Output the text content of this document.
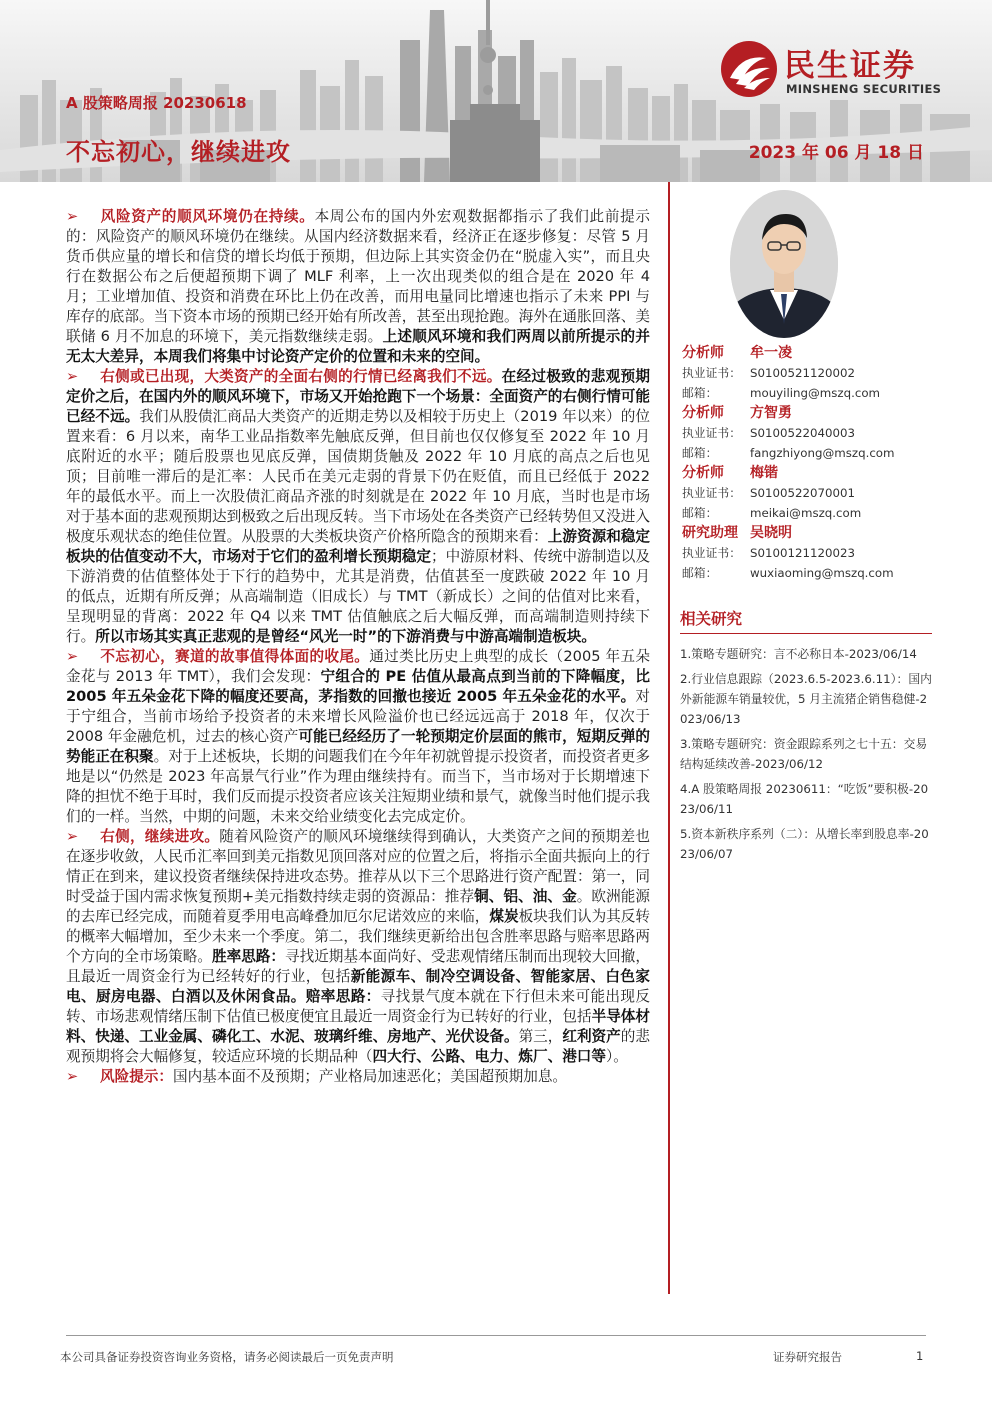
A 股策略周报 20230618
不忘初心，继续进攻	2023 年 06 月 18 日
民生证券
MINSHENG SECURITIES

➢ 风险资产的顺风环境仍在持续。本周公布的国内外宏观数据都指示了我们此前提示的：风险资产的顺风环境仍在继续。从国内经济数据来看，经济正在逐步修复：尽管 5 月货币供应量的增长和信贷的增长均低于预期，但边际上其实资金仍在“脱虚入实”，而且央行在数据公布之后便超预期下调了 MLF 利率，上一次出现类似的组合是在 2020 年 4 月；工业增加值、投资和消费在环比上仍在改善，而用电量同比增速也指示了未来 PPI 与库存的底部。当下资本市场的预期已经开始有所改善，甚至出现抢跑。海外在通胀回落、美联储 6 月不加息的环境下，美元指数继续走弱。上述顺风环境和我们两周以前所提示的并无太大差异，本周我们将集中讨论资产定价的位置和未来的空间。

➢ 右侧或已出现，大类资产的全面右侧的行情已经离我们不远。在经过极致的悲观预期定价之后，在国内外的顺风环境下，市场又开始抢跑下一个场景：全面资产的右侧行情可能已经不远。我们从股债汇商品大类资产的近期走势以及相较于历史上（2019 年以来）的位置来看：6 月以来，南华工业品指数率先触底反弹，但目前也仅仅修复至 2022 年 10 月底附近的水平；随后股票也见底反弹，国债期货触及 2022 年 10 月底的高点之后也见顶；目前唯一滞后的是汇率：人民币在美元走弱的背景下仍在贬值，而且已经低于 2022 年的最低水平。而上一次股债汇商品齐涨的时刻就是在 2022 年 10 月底，当时也是市场对于基本面的悲观预期达到极致之后出现反转。当下市场处在各类资产已经转势但又没进入极度乐观状态的绝佳位置。从股票的大类板块资产价格所隐含的预期来看：上游资源和稳定板块的估值变动不大，市场对于它们的盈利增长预期稳定；中游原材料、传统中游制造以及下游消费的估值整体处于下行的趋势中，尤其是消费，估值甚至一度跌破 2022 年 10 月的低点，近期有所反弹；从高端制造（旧成长）与 TMT（新成长）之间的估值对比来看，呈现明显的背离：2022 年 Q4 以来 TMT 估值触底之后大幅反弹，而高端制造则持续下行。所以市场其实真正悲观的是曾经“风光一时”的下游消费与中游高端制造板块。

➢ 不忘初心，赛道的故事值得体面的收尾。通过类比历史上典型的成长（2005 年五朵金花与 2013 年 TMT），我们会发现：宁组合的 PE 估值从最高点到当前的下降幅度，比 2005 年五朵金花下降的幅度还要高，茅指数的回撤也接近 2005 年五朵金花的水平。对于宁组合，当前市场给予投资者的未来增长风险溢价也已经远远高于 2018 年，仅次于 2008 年金融危机，过去的核心资产可能已经经历了一轮预期定价层面的熊市，短期反弹的势能正在积聚。对于上述板块，长期的问题我们在今年年初就曾提示投资者，而投资者更多地是以“仍然是 2023 年高景气行业”作为理由继续持有。而当下，当市场对于长期增速下降的担忧不绝于耳时，我们反而提示投资者应该关注短期业绩和景气，就像当时他们提示我们的一样。当然，中期的问题，未来交给业绩变化去完成定价。

➢ 右侧，继续进攻。随着风险资产的顺风环境继续得到确认，大类资产之间的预期差也在逐步收敛，人民币汇率回到美元指数见顶回落对应的位置之后，将指示全面共振向上的行情正在到来，建议投资者继续保持进攻态势。推荐从以下三个思路进行资产配置：第一，同时受益于国内需求恢复预期+美元指数持续走弱的资源品：推荐铜、铝、油、金。欧洲能源的去库已经完成，而随着夏季用电高峰叠加厄尔尼诺效应的来临，煤炭板块我们认为其反转的概率大幅增加，至少未来一个季度。第二，我们继续更新给出包含胜率思路与赔率思路两个方向的全市场策略。胜率思路：寻找近期基本面尚好、受悲观情绪压制而出现较大回撤，且最近一周资金行为已经转好的行业，包括新能源车、制冷空调设备、智能家居、白色家电、厨房电器、白酒以及休闲食品。赔率思路：寻找景气度本就在下行但未来可能出现反转、市场悲观情绪压制下估值已极度便宜且最近一周资金行为已转好的行业，包括半导体材料、快递、工业金属、磷化工、水泥、玻璃纤维、房地产、光伏设备。第三，红利资产的悲观预期将会大幅修复，较适应环境的长期品种（四大行、公路、电力、炼厂、港口等）。

➢ 风险提示：国内基本面不及预期；产业格局加速恶化；美国超预期加息。

分析师 牟一凌
执业证书： S0100521120002
邮箱：	mouyiling@mszq.com
分析师 方智勇
执业证书： S0100522040003
邮箱：	fangzhiyong@mszq.com
分析师 梅锴
执业证书： S0100522070001
邮箱：	meikai@mszq.com
研究助理 吴晓明
执业证书： S0100121120023
邮箱：	wuxiaoming@mszq.com
相关研究
1.策略专题研究：言不必称日本-2023/06/14
2.行业信息跟踪（2023.6.5-2023.6.11）：国内外新能源车销量较优，5 月主流猪企销售稳健-2023/06/13
3.策略专题研究：资金跟踪系列之七十五：交易结构延续改善-2023/06/12
4.A 股策略周报 20230611：“吃饭”要积极-2023/06/11
5.资本新秩序系列（二）：从增长率到股息率-2023/06/07
本公司具备证券投资咨询业务资格，请务必阅读最后一页免责声明	证券研究报告	1
